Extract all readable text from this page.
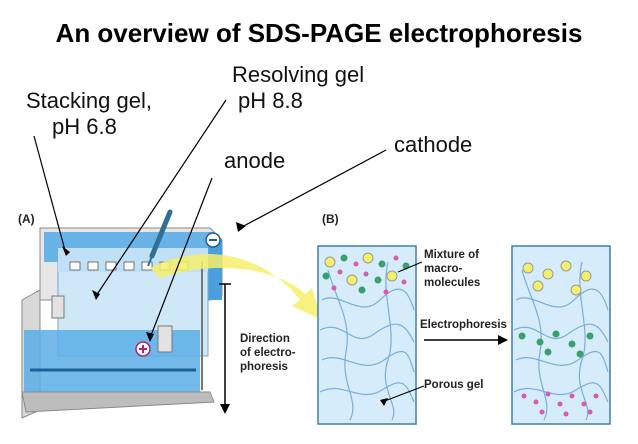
An overview of SDS-PAGE electrophoresis
Stacking gel,
pH 6.8
Resolving gel
pH 8.8
anode
cathode
(A)	(B)
Direction
of electro-
phoresis
Mixture of
macro-
molecules
Electrophoresis
Porous gel
